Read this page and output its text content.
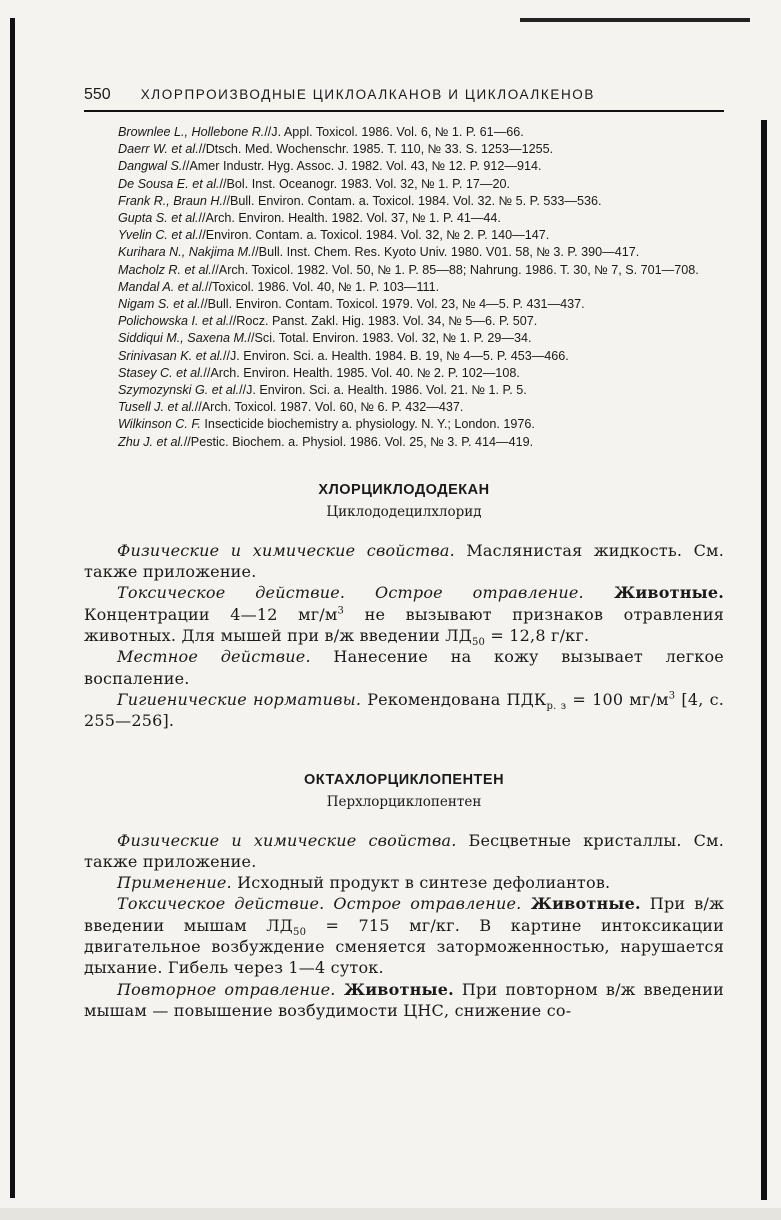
550 ХЛОРПРОИЗВОДНЫЕ ЦИКЛОАЛКАНОВ И ЦИКЛОАЛКЕНОВ
Brownlee L., Hollebone R.//J. Appl. Toxicol. 1986. Vol. 6, № 1. P. 61—66.
Daerr W. et al.//Dtsch. Med. Wochenschr. 1985. T. 110, № 33. S. 1253—1255.
Dangwal S.//Amer Industr. Hyg. Assoc. J. 1982. Vol. 43, № 12. P. 912—914.
De Sousa E. et al.//Bol. Inst. Oceanogr. 1983. Vol. 32, № 1. P. 17—20.
Frank R., Braun H.//Bull. Environ. Contam. a. Toxicol. 1984. Vol. 32. № 5. P. 533—536.
Gupta S. et al.//Arch. Environ. Health. 1982. Vol. 37, № 1. P. 41—44.
Yvelin C. et al.//Environ. Contam. a. Toxicol. 1984. Vol. 32, № 2. P. 140—147.
Kurihara N., Nakjima M.//Bull. Inst. Chem. Res. Kyoto Univ. 1980. V01. 58, № 3. P. 390—417.
Macholz R. et al.//Arch. Toxicol. 1982. Vol. 50, № 1. P. 85—88; Nahrung. 1986. T. 30, № 7, S. 701—708.
Mandal A. et al.//Toxicol. 1986. Vol. 40, № 1. P. 103—111.
Nigam S. et al.//Bull. Environ. Contam. Toxicol. 1979. Vol. 23, № 4—5. P. 431—437.
Polichowska I. et al.//Rocz. Panst. Zakl. Hig. 1983. Vol. 34, № 5—6. P. 507.
Siddiqui M., Saxena M.//Sci. Total. Environ. 1983. Vol. 32, № 1. P. 29—34.
Srinivasan K. et al.//J. Environ. Sci. a. Health. 1984. B. 19, № 4—5. P. 453—466.
Stasey C. et al.//Arch. Environ. Health. 1985. Vol. 40. № 2. P. 102—108.
Szymozynski G. et al.//J. Environ. Sci. a. Health. 1986. Vol. 21. № 1. P. 5.
Tusell J. et al.//Arch. Toxicol. 1987. Vol. 60, № 6. P. 432—437.
Wilkinson C. F. Insecticide biochemistry a. physiology. N. Y.; London. 1976.
Zhu J. et al.//Pestic. Biochem. a. Physiol. 1986. Vol. 25, № 3. P. 414—419.
ХЛОРЦИКЛОДОДЕКАН
Циклододецилхлорид

Физические и химические свойства. Маслянистая жидкость. См. также приложение.

Токсическое действие. Острое отравление. Животные. Концентрации 4—12 $мг/м^3$ не вызывают признаков отравления животных. Для мышей при в/ж введении $ЛД_{50} = 12,8$ г/кг.

Местное действие. Нанесение на кожу вызывает легкое воспаление.

Гигиенические нормативы. Рекомендована $ПДК_{р. з} = 100$ $мг/м^3$ [4, с. 255—256].

ОКТАХЛОРЦИКЛОПЕНТЕН
Перхлорциклопентен

Физические и химические свойства. Бесцветные кристаллы. См. также приложение.

Применение. Исходный продукт в синтезе дефолиантов.

Токсическое действие. Острое отравление. Животные. При в/ж введении мышам $ЛД_{50} = 715$ мг/кг. В картине интоксикации двигательное возбуждение сменяется заторможенностью, нарушается дыхание. Гибель через 1—4 суток.

Повторное отравление. Животные. При повторном в/ж введении мышам — повышение возбудимости ЦНС, снижение со-
